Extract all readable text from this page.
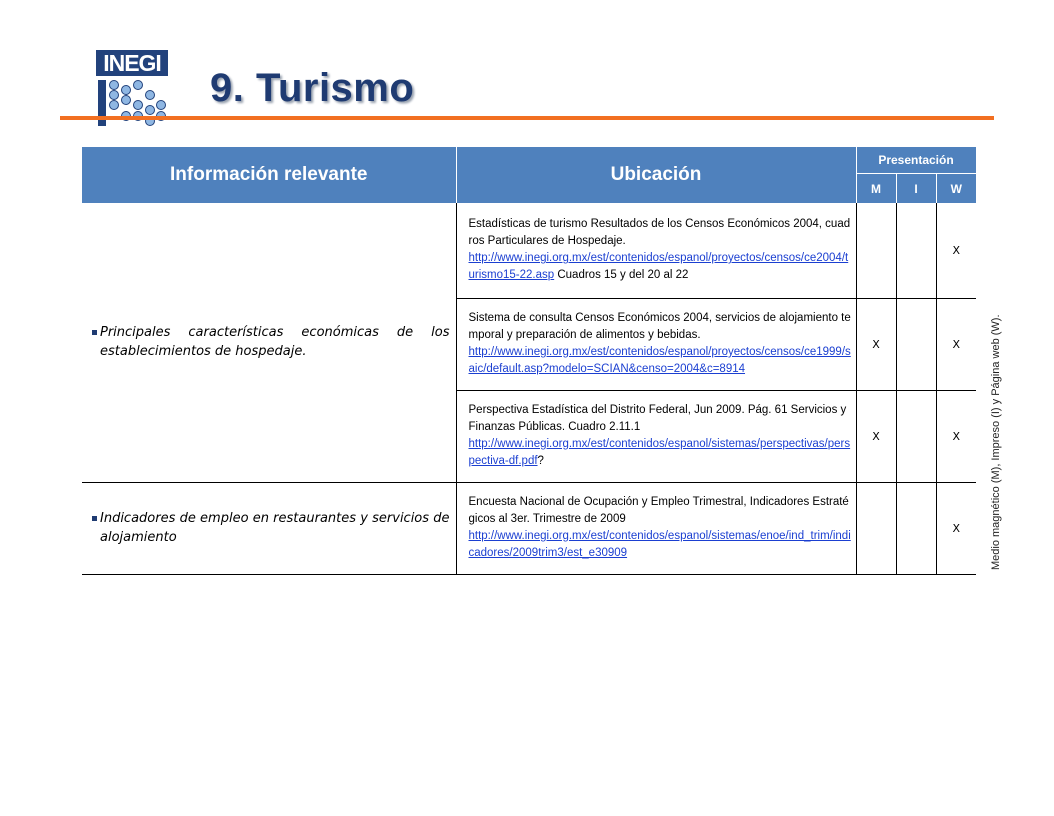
INEGI
9. Turismo
Información relevante	Ubicación	Presentación		
		M	I	W

Principales características económicas de los establecimientos de hospedaje.	Estadísticas de turismo Resultados de los Censos Económicos 2004, cuadros Particulares de Hospedaje.
http://www.inegi.org.mx/est/contenidos/espanol/proyectos/censos/ce2004/turismo15-22.asp Cuadros 15 y del 20 al 22			X

	Sistema de consulta Censos Económicos 2004, servicios de alojamiento temporal y preparación de alimentos y bebidas.
http://www.inegi.org.mx/est/contenidos/espanol/proyectos/censos/ce1999/saic/default.asp?modelo=SCIAN&censo=2004&c=8914	X		X

	Perspectiva Estadística del Distrito Federal, Jun 2009. Pág. 61 Servicios y Finanzas Públicas. Cuadro 2.11.1
http://www.inegi.org.mx/est/contenidos/espanol/sistemas/perspectivas/perspectiva-df.pdf?	X		X

Indicadores de empleo en restaurantes y servicios de alojamiento	Encuesta Nacional de Ocupación y Empleo Trimestral, Indicadores Estratégicos al 3er. Trimestre de 2009
http://www.inegi.org.mx/est/contenidos/espanol/sistemas/enoe/ind_trim/indicadores/2009trim3/est_e30909			X	Medio magnético (M), Impreso (I) y Página web (W).
